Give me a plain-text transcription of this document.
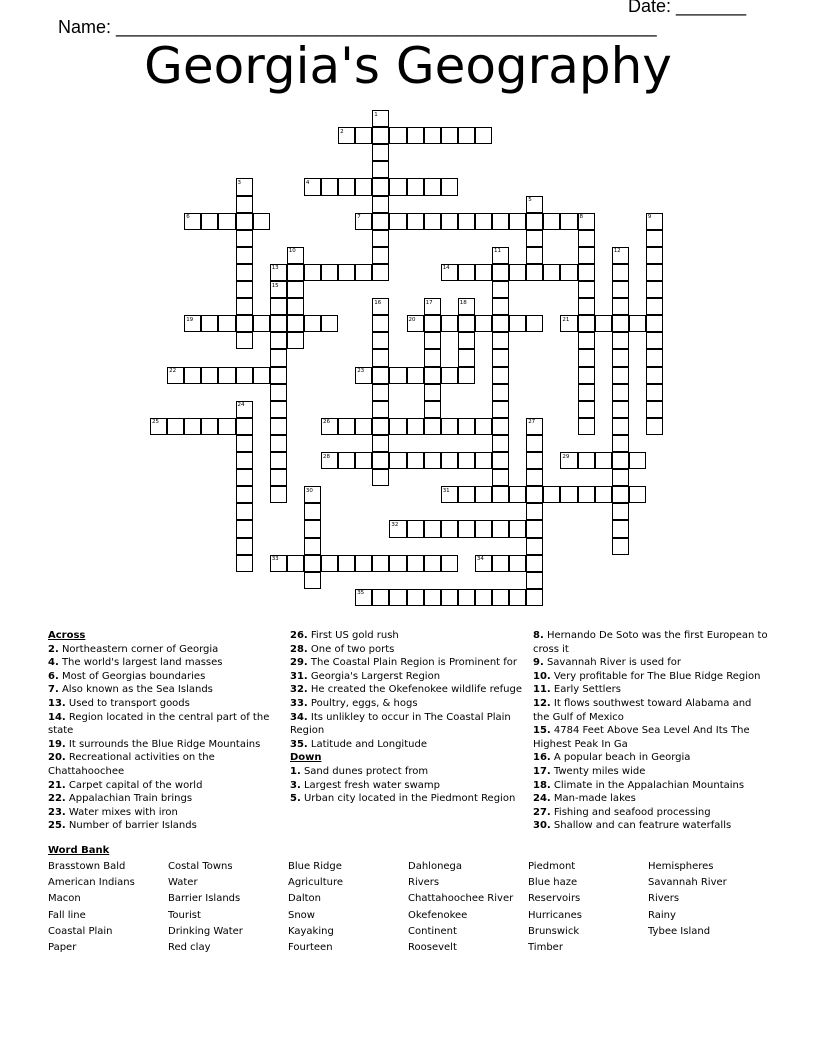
Name: ______________________________________________________

Date: _______

Georgia's Geography
1
2
3	4
5
6	7	8	9
10	11	12
13	14
15
16	17	18
19	20	21
22	23
24
25	26	27
28	29
30	31
32
33	34
35
Across
2. Northeastern corner of Georgia
4. The world's largest land masses
6. Most of Georgias boundaries
7. Also known as the Sea Islands
13. Used to transport goods
14. Region located in the central part of the state
19. It surrounds the Blue Ridge Mountains
20. Recreational activities on the Chattahoochee
21. Carpet capital of the world
22. Appalachian Train brings
23. Water mixes with iron
25. Number of barrier Islands
26. First US gold rush
28. One of two ports
29. The Coastal Plain Region is Prominent for
31. Georgia's Largerst Region
32. He created the Okefenokee wildlife refuge
33. Poultry, eggs, & hogs
34. Its unlikley to occur in The Coastal Plain Region
35. Latitude and Longitude
Down
1. Sand dunes protect from
3. Largest fresh water swamp
5. Urban city located in the Piedmont Region
8. Hernando De Soto was the first European to cross it
9. Savannah River is used for
10. Very profitable for The Blue Ridge Region
11. Early Settlers
12. It flows southwest toward Alabama and the Gulf of Mexico
15. 4784 Feet Above Sea Level And Its The Highest Peak In Ga
16. A popular beach in Georgia
17. Twenty miles wide
18. Climate in the Appalachian Mountains
24. Man-made lakes
27. Fishing and seafood processing
30. Shallow and can featrure waterfalls
Word Bank
Brasstown Bald	Costal Towns	Blue Ridge	Dahlonega	Piedmont	Hemispheres
American Indians	Water	Agriculture	Rivers	Blue haze	Savannah River
Macon	Barrier Islands	Dalton	Chattahoochee River	Reservoirs	Rivers
Fall line	Tourist	Snow	Okefenokee	Hurricanes	Rainy
Coastal Plain	Drinking Water	Kayaking	Continent	Brunswick	Tybee Island
Paper	Red clay	Fourteen	Roosevelt	Timber
